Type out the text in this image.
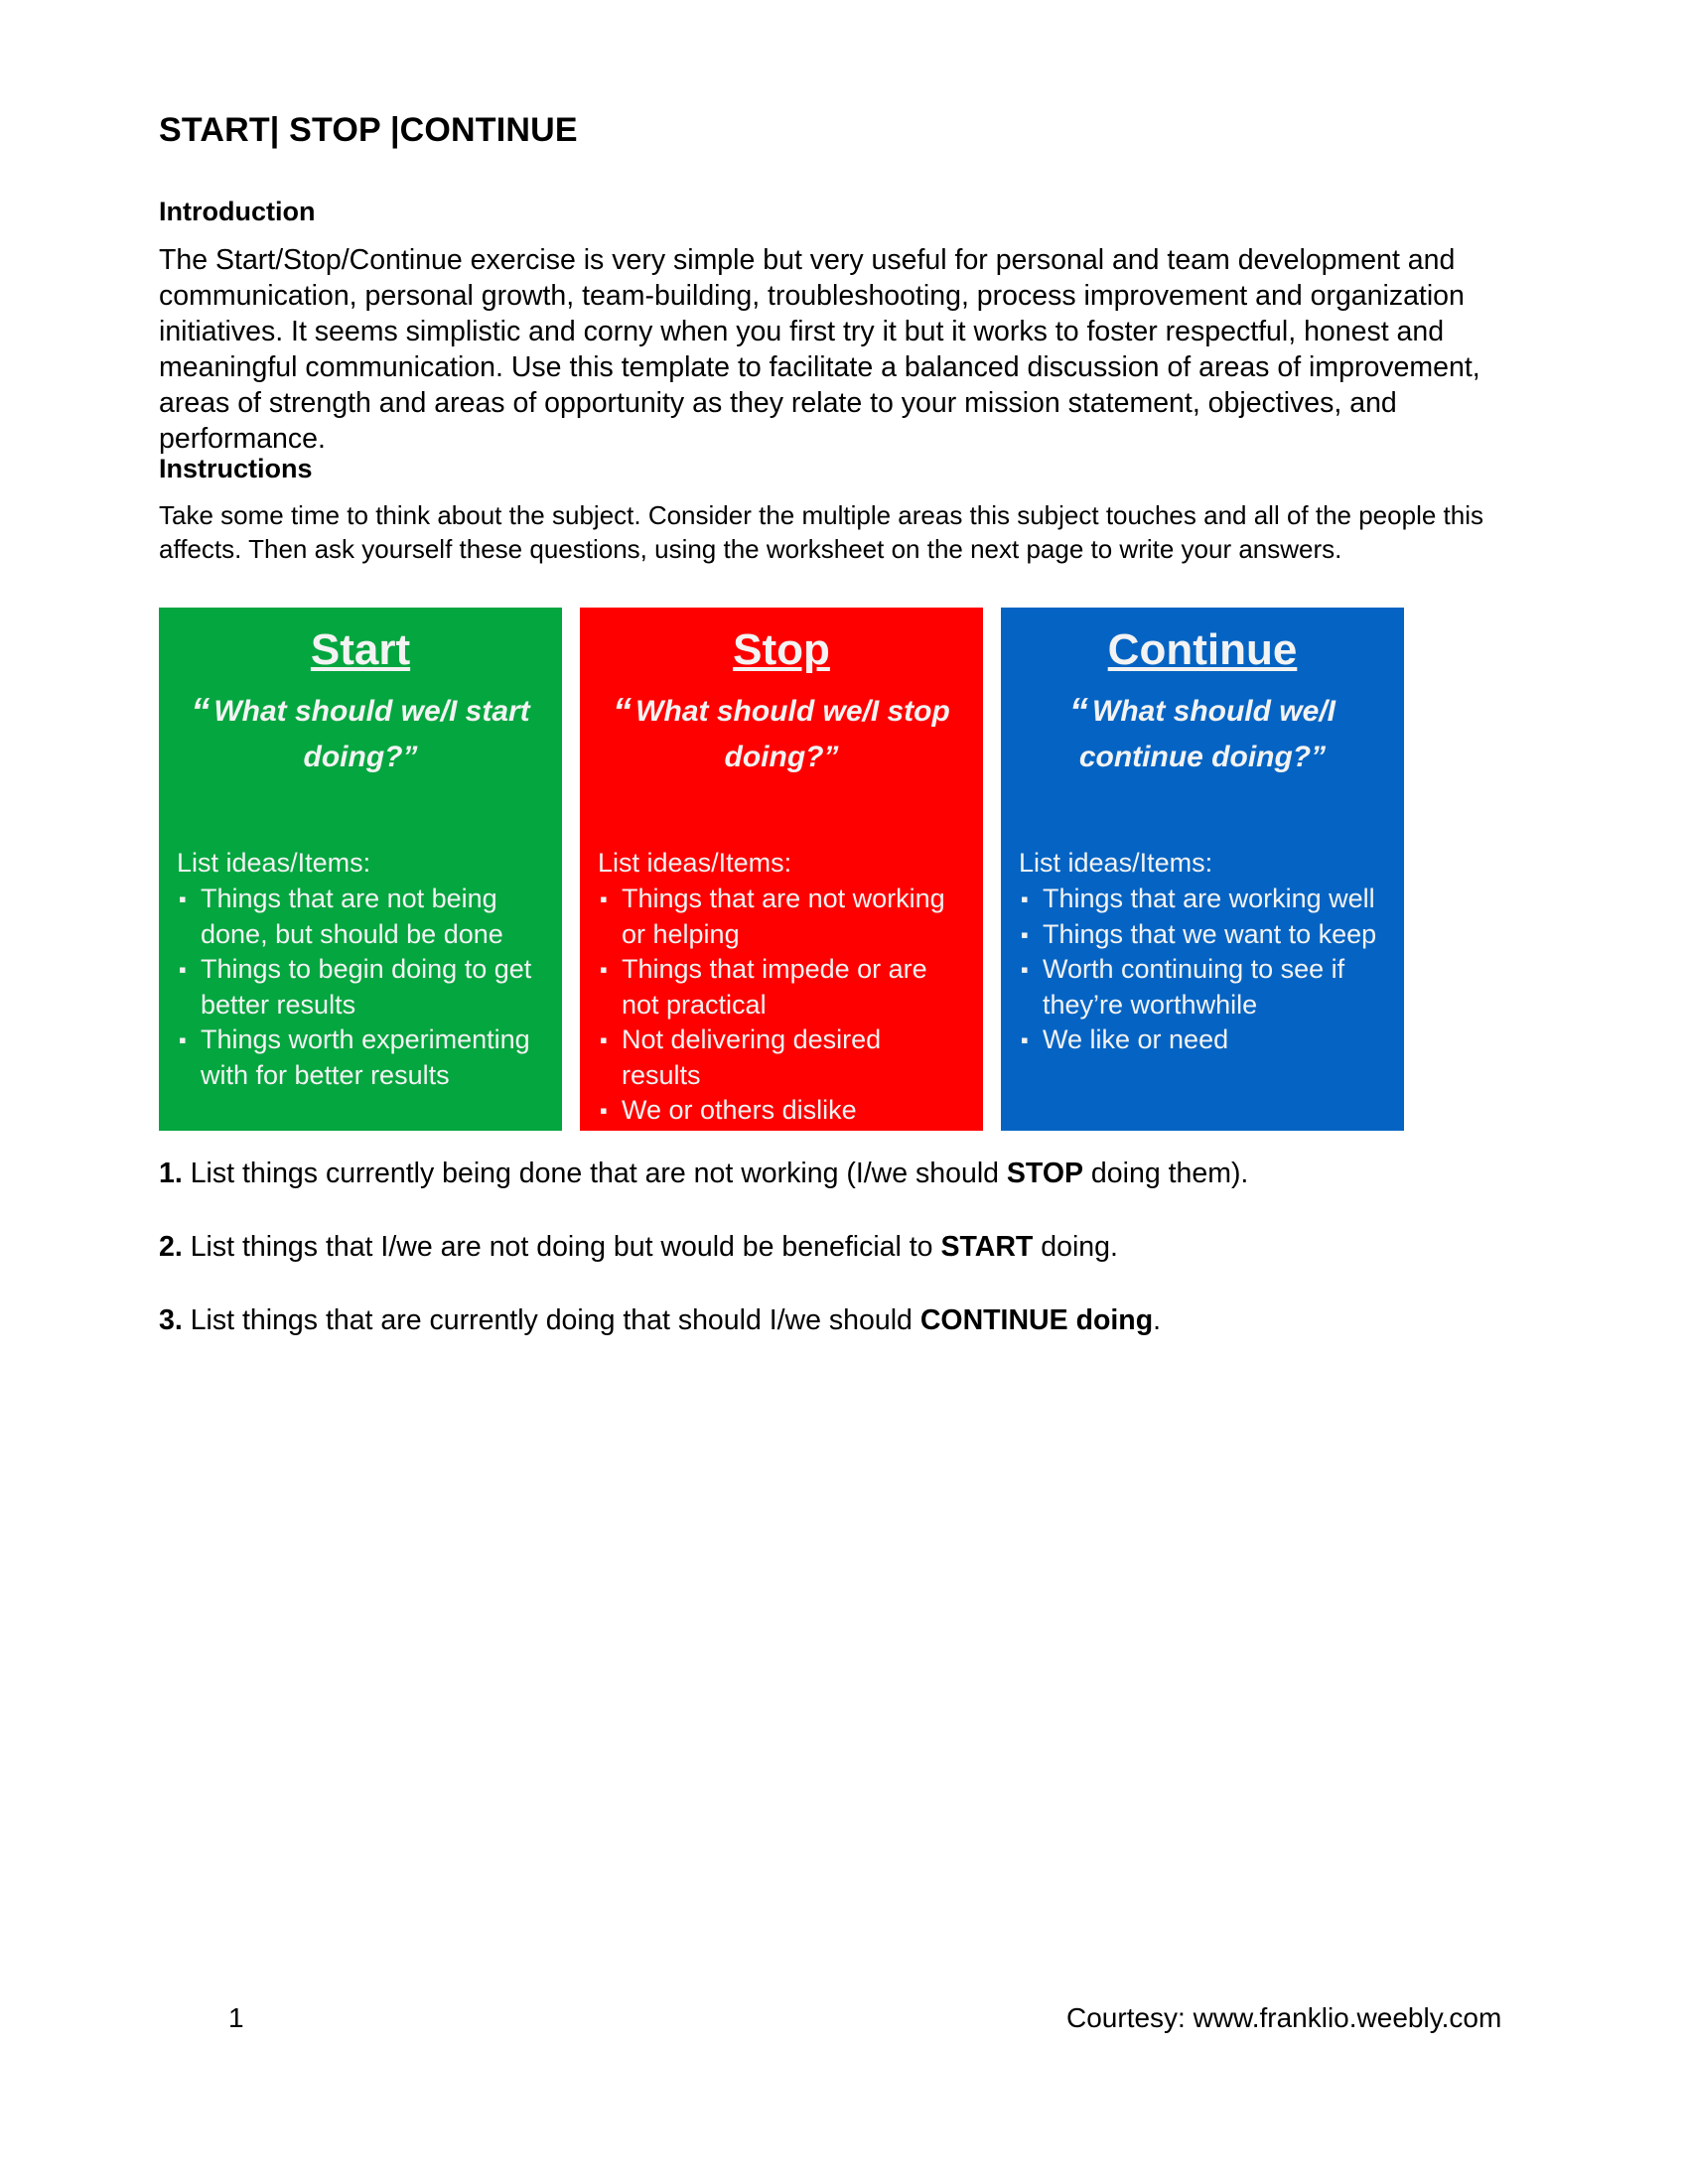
START| STOP |CONTINUE
Introduction

The Start/Stop/Continue exercise is very simple but very useful for personal and team development and communication, personal growth, team-building, troubleshooting, process improvement and organization initiatives. It seems simplistic and corny when you first try it but it works to foster respectful, honest and meaningful communication. Use this template to facilitate a balanced discussion of areas of improvement, areas of strength and areas of opportunity as they relate to your mission statement, objectives, and performance.

Instructions

Take some time to think about the subject. Consider the multiple areas this subject touches and all of the people this affects. Then ask yourself these questions, using the worksheet on the next page to write your answers.

Start
“ What should we/I start doing?”
List ideas/Items:
▪ Things that are not being done, but should be done
▪ Things to begin doing to get better results
▪ Things worth experimenting with for better results
Stop
“ What should we/I stop doing?”
List ideas/Items:
▪ Things that are not working or helping
▪ Things that impede or are not practical
▪ Not delivering desired results
▪ We or others dislike
Continue
“ What should we/I continue doing?”
List ideas/Items:
▪ Things that are working well
▪ Things that we want to keep
▪ Worth continuing to see if they’re worthwhile
▪ We like or need

1. List things currently being done that are not working (I/we should STOP doing them).

2. List things that I/we are not doing but would be beneficial to START doing.

3. List things that are currently doing that should I/we should CONTINUE doing.

1	Courtesy: www.franklio.weebly.com
